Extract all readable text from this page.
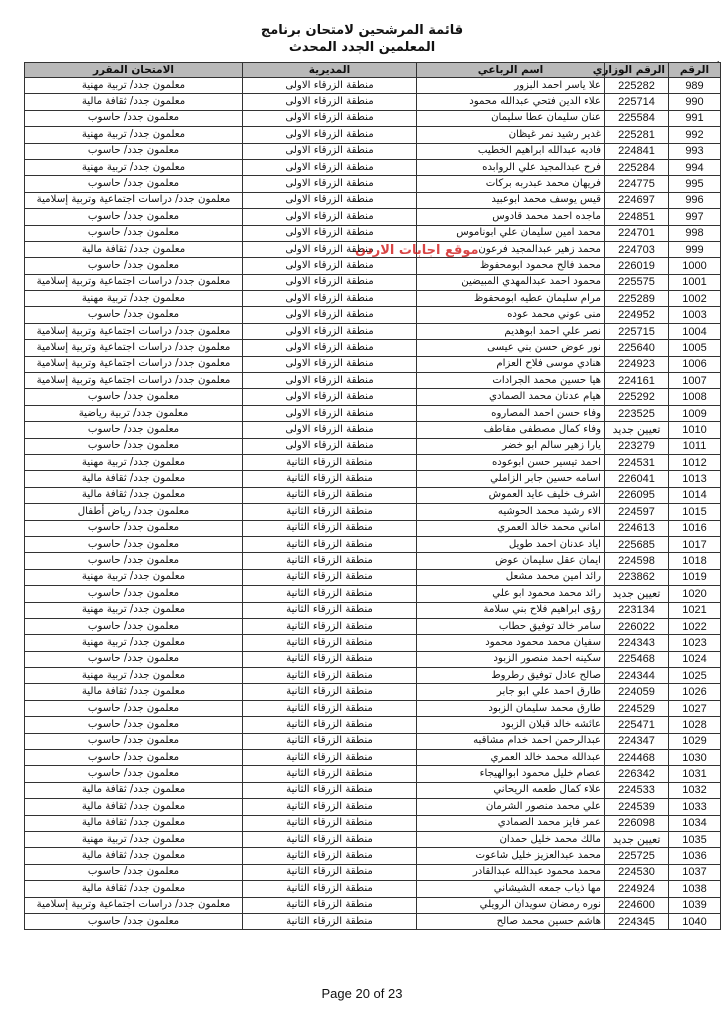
قائمة المرشحين لامتحان برنامج
المعلمين الجدد المحدث
الرقم	الرقم الوزاري	اسم الرباعي	المديرية	الامتحان المقرر
989	225282	علا ياسر احمد البزور	منطقة الزرقاء الاولى	معلمون جدد/ تربية مهنية
990	225714	علاء الدين فتحي عبدالله محمود	منطقة الزرقاء الاولى	معلمون جدد/ ثقافة مالية
991	225584	عنان سليمان عطا سليمان	منطقة الزرقاء الاولى	معلمون جدد/ حاسوب
992	225281	غدير رشيد نمر غيظان	منطقة الزرقاء الاولى	معلمون جدد/ تربية مهنية
993	224841	فاديه عبدالله ابراهيم الخطيب	منطقة الزرقاء الاولى	معلمون جدد/ حاسوب
994	225284	فرح عبدالمجيد علي الروابده	منطقة الزرقاء الاولى	معلمون جدد/ تربية مهنية
995	224775	فريهان محمد عبدربه بركات	منطقة الزرقاء الاولى	معلمون جدد/ حاسوب
996	224697	قيس يوسف محمد ابوعبيد	منطقة الزرقاء الاولى	معلمون جدد/ دراسات اجتماعية وتربية إسلامية
997	224851	ماجده احمد محمد قادوس	منطقة الزرقاء الاولى	معلمون جدد/ حاسوب
998	224701	محمد امين سليمان علي ابوناموس	منطقة الزرقاء الاولى	معلمون جدد/ حاسوب
999	224703	محمد زهير عبدالمجيد فرعون	منطقة الزرقاء الاولى	معلمون جدد/ ثقافة مالية
1000	226019	محمد فالح محمود ابومحفوظ	منطقة الزرقاء الاولى	معلمون جدد/ حاسوب
1001	225575	محمود احمد عبدالمهدي المبيضين	منطقة الزرقاء الاولى	معلمون جدد/ دراسات اجتماعية وتربية إسلامية
1002	225289	مرام سليمان عطيه ابومحفوظ	منطقة الزرقاء الاولى	معلمون جدد/ تربية مهنية
1003	224952	منى عوني محمد عوده	منطقة الزرقاء الاولى	معلمون جدد/ حاسوب
1004	225715	نصر علي احمد ابوهديم	منطقة الزرقاء الاولى	معلمون جدد/ دراسات اجتماعية وتربية إسلامية
1005	225640	نور عوض حسن بني عيسى	منطقة الزرقاء الاولى	معلمون جدد/ دراسات اجتماعية وتربية إسلامية
1006	224923	هنادي موسى فلاح العزام	منطقة الزرقاء الاولى	معلمون جدد/ دراسات اجتماعية وتربية إسلامية
1007	224161	هيا حسين محمد الجرادات	منطقة الزرقاء الاولى	معلمون جدد/ دراسات اجتماعية وتربية إسلامية
1008	225292	هيام عدنان محمد الصمادي	منطقة الزرقاء الاولى	معلمون جدد/ حاسوب
1009	223525	وفاء حسن احمد المصاروه	منطقة الزرقاء الاولى	معلمون جدد/ تربية رياضية
1010	تعيين جديد	وفاء كمال مصطفى مقاطف	منطقة الزرقاء الاولى	معلمون جدد/ حاسوب
1011	223279	يارا زهير سالم ابو خضر	منطقة الزرقاء الاولى	معلمون جدد/ حاسوب
1012	224531	احمد تيسير حسن ابوعوده	منطقة الزرقاء الثانية	معلمون جدد/ تربية مهنية
1013	226041	اسامه حسين جابر الزاملي	منطقة الزرقاء الثانية	معلمون جدد/ ثقافة مالية
1014	226095	اشرف خليف عايد العموش	منطقة الزرقاء الثانية	معلمون جدد/ ثقافة مالية
1015	224597	الاء رشيد محمد الحوشيه	منطقة الزرقاء الثانية	معلمون جدد/ رياض أطفال
1016	224613	اماني محمد خالد العمري	منطقة الزرقاء الثانية	معلمون جدد/ حاسوب
1017	225685	اياد عدنان احمد طويل	منطقة الزرقاء الثانية	معلمون جدد/ حاسوب
1018	224598	ايمان عقل سليمان عوض	منطقة الزرقاء الثانية	معلمون جدد/ حاسوب
1019	223862	رائد امين محمد مشعل	منطقة الزرقاء الثانية	معلمون جدد/ تربية مهنية
1020	تعيين جديد	رائد محمد محمود ابو علي	منطقة الزرقاء الثانية	معلمون جدد/ حاسوب
1021	223134	رؤى ابراهيم فلاح بني سلامة	منطقة الزرقاء الثانية	معلمون جدد/ تربية مهنية
1022	226022	سامر خالد توفيق حطاب	منطقة الزرقاء الثانية	معلمون جدد/ حاسوب
1023	224343	سفيان محمد محمود محمود	منطقة الزرقاء الثانية	معلمون جدد/ تربية مهنية
1024	225468	سكينه احمد منصور الزبود	منطقة الزرقاء الثانية	معلمون جدد/ حاسوب
1025	224344	صالح عادل توفيق رطروط	منطقة الزرقاء الثانية	معلمون جدد/ تربية مهنية
1026	224059	طارق احمد علي ابو جابر	منطقة الزرقاء الثانية	معلمون جدد/ ثقافة مالية
1027	224529	طارق محمد سليمان الزبود	منطقة الزرقاء الثانية	معلمون جدد/ حاسوب
1028	225471	عائشه خالد قبلان الزبود	منطقة الزرقاء الثانية	معلمون جدد/ حاسوب
1029	224347	عبدالرحمن احمد خدام مشاقبه	منطقة الزرقاء الثانية	معلمون جدد/ حاسوب
1030	224468	عبدالله محمد خالد العمري	منطقة الزرقاء الثانية	معلمون جدد/ حاسوب
1031	226342	عصام خليل محمود ابوالهيجاء	منطقة الزرقاء الثانية	معلمون جدد/ حاسوب
1032	224533	علاء كمال طعمه الريحاني	منطقة الزرقاء الثانية	معلمون جدد/ ثقافة مالية
1033	224539	علي محمد منصور الشرمان	منطقة الزرقاء الثانية	معلمون جدد/ ثقافة مالية
1034	226098	عمر فايز محمد الصمادي	منطقة الزرقاء الثانية	معلمون جدد/ ثقافة مالية
1035	تعيين جديد	مالك محمد خليل حمدان	منطقة الزرقاء الثانية	معلمون جدد/ تربية مهنية
1036	225725	محمد عبدالعزيز خليل شاعوت	منطقة الزرقاء الثانية	معلمون جدد/ ثقافة مالية
1037	224530	محمد محمود عبدالله عبدالقادر	منطقة الزرقاء الثانية	معلمون جدد/ حاسوب
1038	224924	مها ذياب جمعه الشيشاني	منطقة الزرقاء الثانية	معلمون جدد/ ثقافة مالية
1039	224600	نوره رمضان سويدان الرويلي	منطقة الزرقاء الثانية	معلمون جدد/ دراسات اجتماعية وتربية إسلامية
1040	224345	هاشم حسين محمد صالح	منطقة الزرقاء الثانية	معلمون جدد/ حاسوب
موقع اجابات الاردن
Page 20 of 23
